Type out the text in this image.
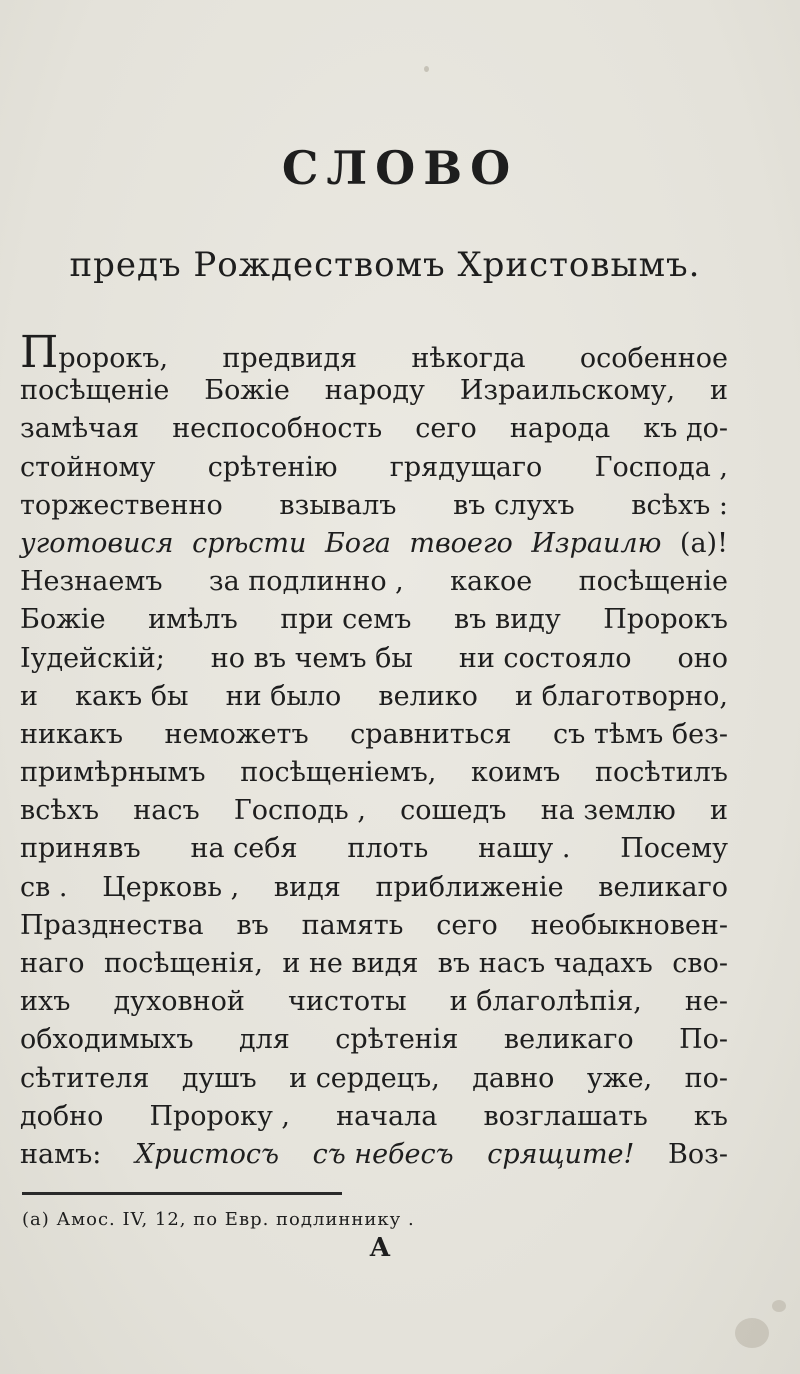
СЛОВО
предъ Рождествомъ Христовымъ.
Пророкъ, предвидя нѣкогда особенное
посѣщеніе Божіе народу Израильскому, и
замѣчая неспособность сего народа къ до-
стойному срѣтенію грядущаго Господа ,
торжественно взывалъ въ слухъ всѣхъ :
уготовися срѣсти Бога твоего Израилю (а)!
Незнаемъ за подлинно , какое посѣщеніе
Божіе имѣлъ при семъ въ виду Пророкъ
Іудейскій; но въ чемъ бы ни состояло оно
и какъ бы ни было велико и благотворно,
никакъ неможетъ сравниться съ тѣмъ без-
примѣрнымъ посѣщеніемъ, коимъ посѣтилъ
всѣхъ насъ Господь , сошедъ на землю и
принявъ на себя плоть нашу . Посему
св . Церковь , видя приближеніе великаго
Празднества въ память сего необыкновен-
наго посѣщенія, и не видя въ насъ чадахъ сво-
ихъ духовной чистоты и благолѣпія, не-
обходимыхъ для срѣтенія великаго По-
сѣтителя душъ и сердецъ, давно уже, по-
добно Пророку , начала возглашать къ
намъ: Христосъ съ небесъ срящите! Воз-
(а) Амос. IV, 12, по Евр. подлиннику .
А
